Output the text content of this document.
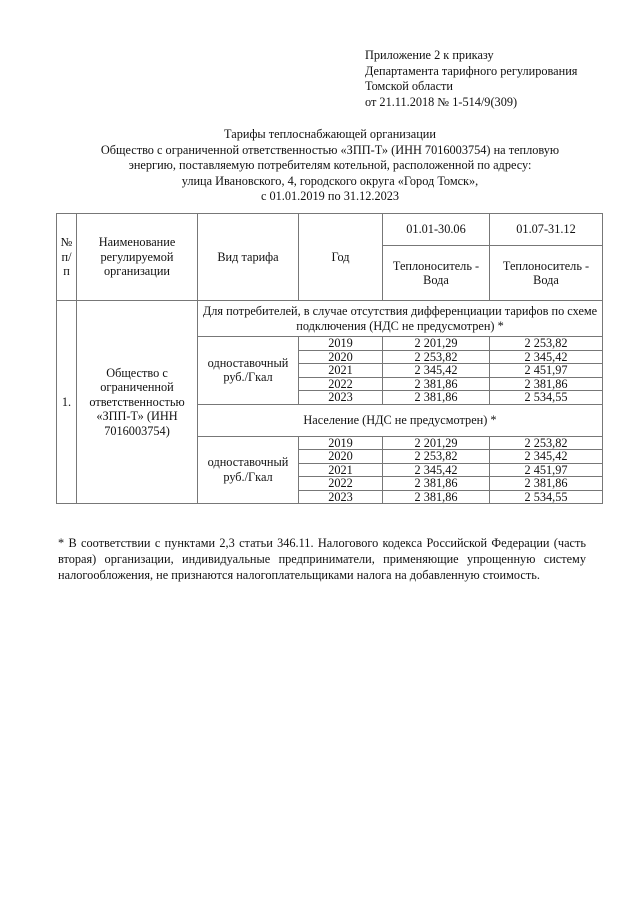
Приложение 2 к приказу
Департамента тарифного регулирования
Томской области
от 21.11.2018 № 1-514/9(309)
Тарифы теплоснабжающей организации
Общество с ограниченной ответственностью «ЗПП-Т» (ИНН 7016003754) на тепловую
энергию, поставляемую потребителям котельной, расположенной по адресу:
улица Ивановского, 4, городского округа «Город Томск»,
с 01.01.2019 по 31.12.2023
№ п/п	Наименование регулируемой организации	Вид тарифа	Год	01.01-30.06	01.07-31.12
				Теплоноситель - Вода	Теплоноситель - Вода
1.	Общество с ограниченной ответственностью «ЗПП-Т» (ИНН 7016003754)	Для потребителей, в случае отсутствия дифференциации тарифов по схеме подключения (НДС не предусмотрен) *			
		одноставочный руб./Гкал	2019	2 201,29	2 253,82
			2020	2 253,82	2 345,42
			2021	2 345,42	2 451,97
			2022	2 381,86	2 381,86
			2023	2 381,86	2 534,55
		Население (НДС не предусмотрен) *			
		одноставочный руб./Гкал	2019	2 201,29	2 253,82
			2020	2 253,82	2 345,42
			2021	2 345,42	2 451,97
			2022	2 381,86	2 381,86
			2023	2 381,86	2 534,55
* В соответствии с пунктами 2,3 статьи 346.11. Налогового кодекса Российской Федерации (часть вторая) организации, индивидуальные предприниматели, применяющие упрощенную систему налогообложения, не признаются налогоплательщиками налога на добавленную стоимость.
